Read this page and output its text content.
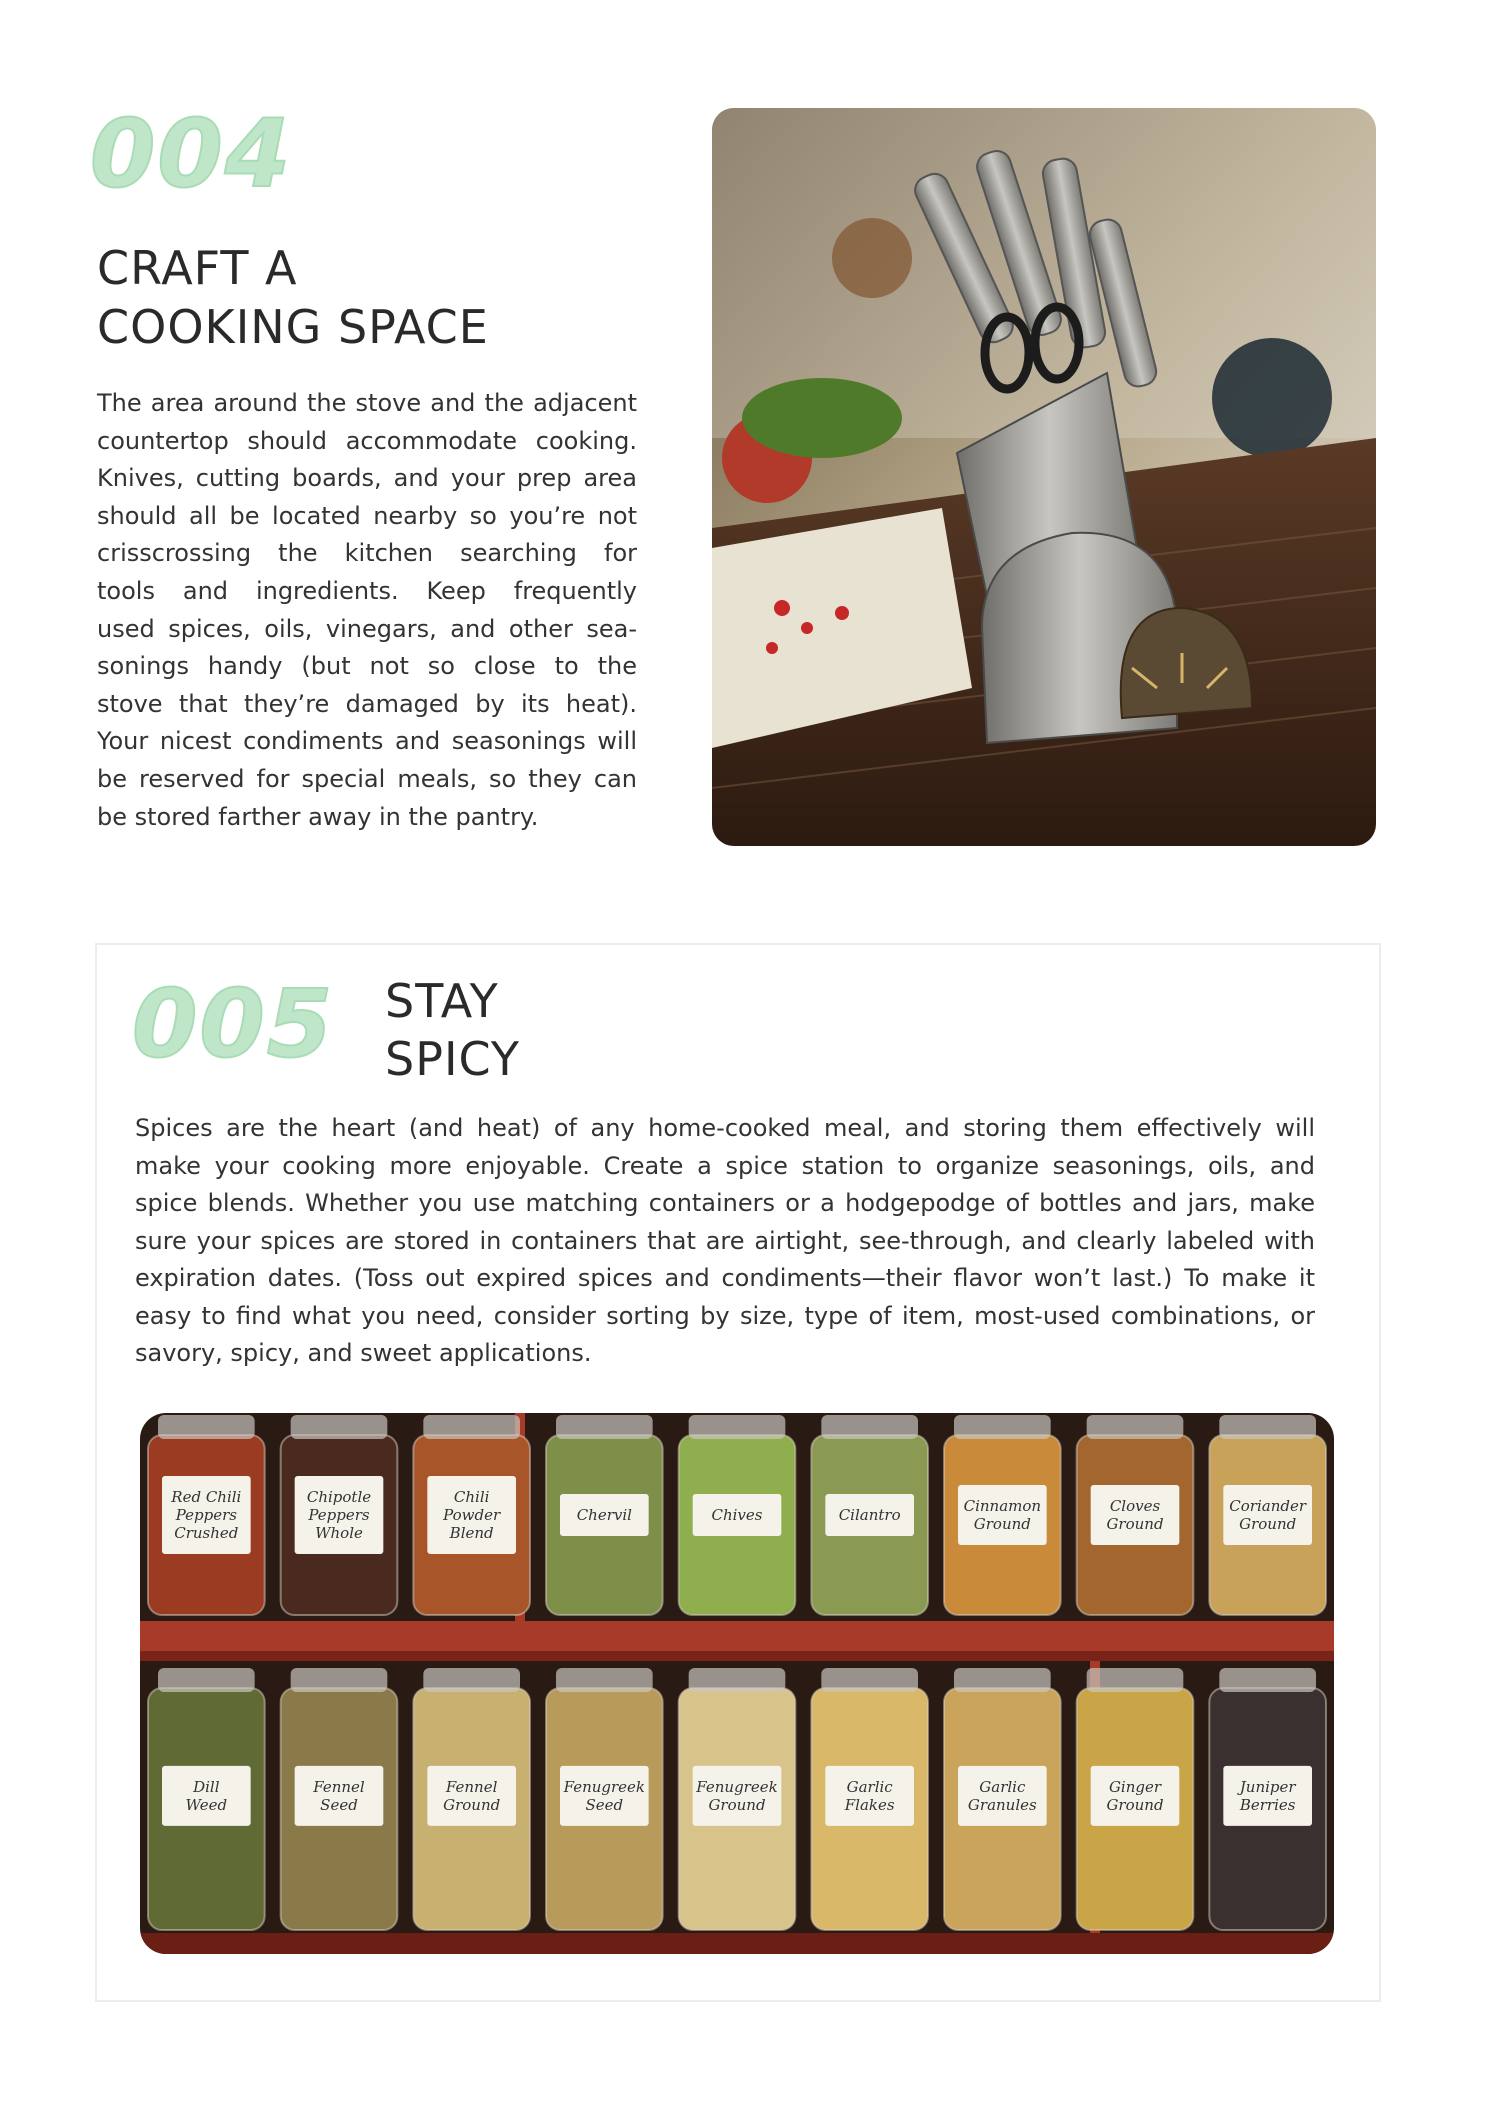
004
CRAFT A
COOKING SPACE
The area around the stove and the adjacent
countertop should accommodate cooking.
Knives, cutting boards, and your prep area
should all be located nearby so you’re not
crisscrossing the kitchen searching for
tools and ingredients. Keep frequently
used spices, oils, vinegars, and other sea-
sonings handy (but not so close to the
stove that they’re damaged by its heat).
Your nicest condiments and seasonings will
be reserved for special meals, so they can
be stored farther away in the pantry.
005 STAY
SPICY
Spices are the heart (and heat) of any home-cooked meal, and storing them effectively will
make your cooking more enjoyable. Create a spice station to organize seasonings, oils, and
spice blends. Whether you use matching containers or a hodgepodge of bottles and jars, make
sure your spices are stored in containers that are airtight, see-through, and clearly labeled with
expiration dates. (Toss out expired spices and condiments—their flavor won’t last.) To make it
easy to find what you need, consider sorting by size, type of item, most-used combinations, or
savory, spicy, and sweet applications.
Red Chili
Peppers
Crushed
Chipotle
Peppers
Whole
Chili
Powder
Blend
Chervil	Chives	Cilantro	Cinnamon
Ground
Cloves
Ground
Coriander
Ground
Dill
Weed
Fennel
Seed
Fennel
Ground
Fenugreek
Seed
Fenugreek
Ground
Garlic
Flakes
Garlic
Granules
Ginger
Ground
Juniper
Berries
